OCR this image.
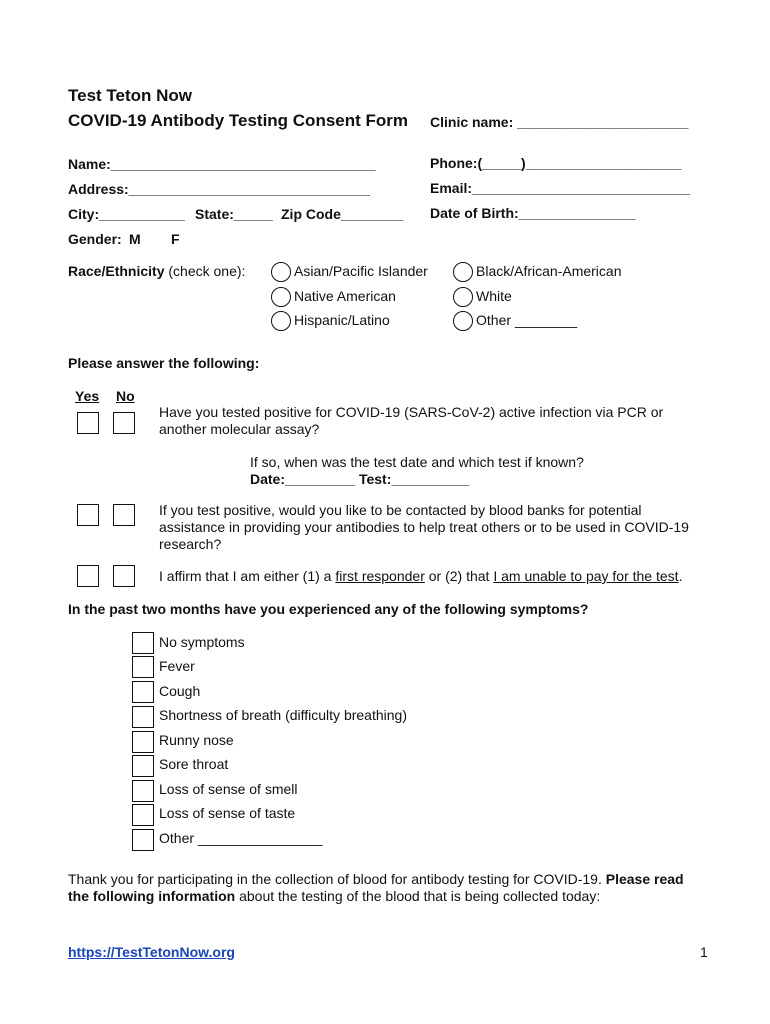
Test Teton Now
COVID-19 Antibody Testing Consent Form Clinic name: ______________________
Name:__________________________________
Address:_______________________________
City:___________ State:_____ Zip Code________
Phone:(_____)____________________
Email:____________________________
Date of Birth:_______________
Gender: M F
Race/Ethnicity (check one):	Asian/Pacific Islander	Black/African-American
Native American	White
Hispanic/Latino	Other ________
Please answer the following:
Yes No
Have you tested positive for COVID-19 (SARS-CoV-2) active infection via PCR or another molecular assay?
If so, when was the test date and which test if known?
Date:_________ Test:__________
If you test positive, would you like to be contacted by blood banks for potential assistance in providing your antibodies to help treat others or to be used in COVID-19 research?
I affirm that I am either (1) a first responder or (2) that I am unable to pay for the test.
In the past two months have you experienced any of the following symptoms?
No symptoms
Fever
Cough
Shortness of breath (difficulty breathing)
Runny nose
Sore throat
Loss of sense of smell
Loss of sense of taste
Other ________________
Thank you for participating in the collection of blood for antibody testing for COVID-19. Please read the following information about the testing of the blood that is being collected today:
https://TestTetonNow.org	1
